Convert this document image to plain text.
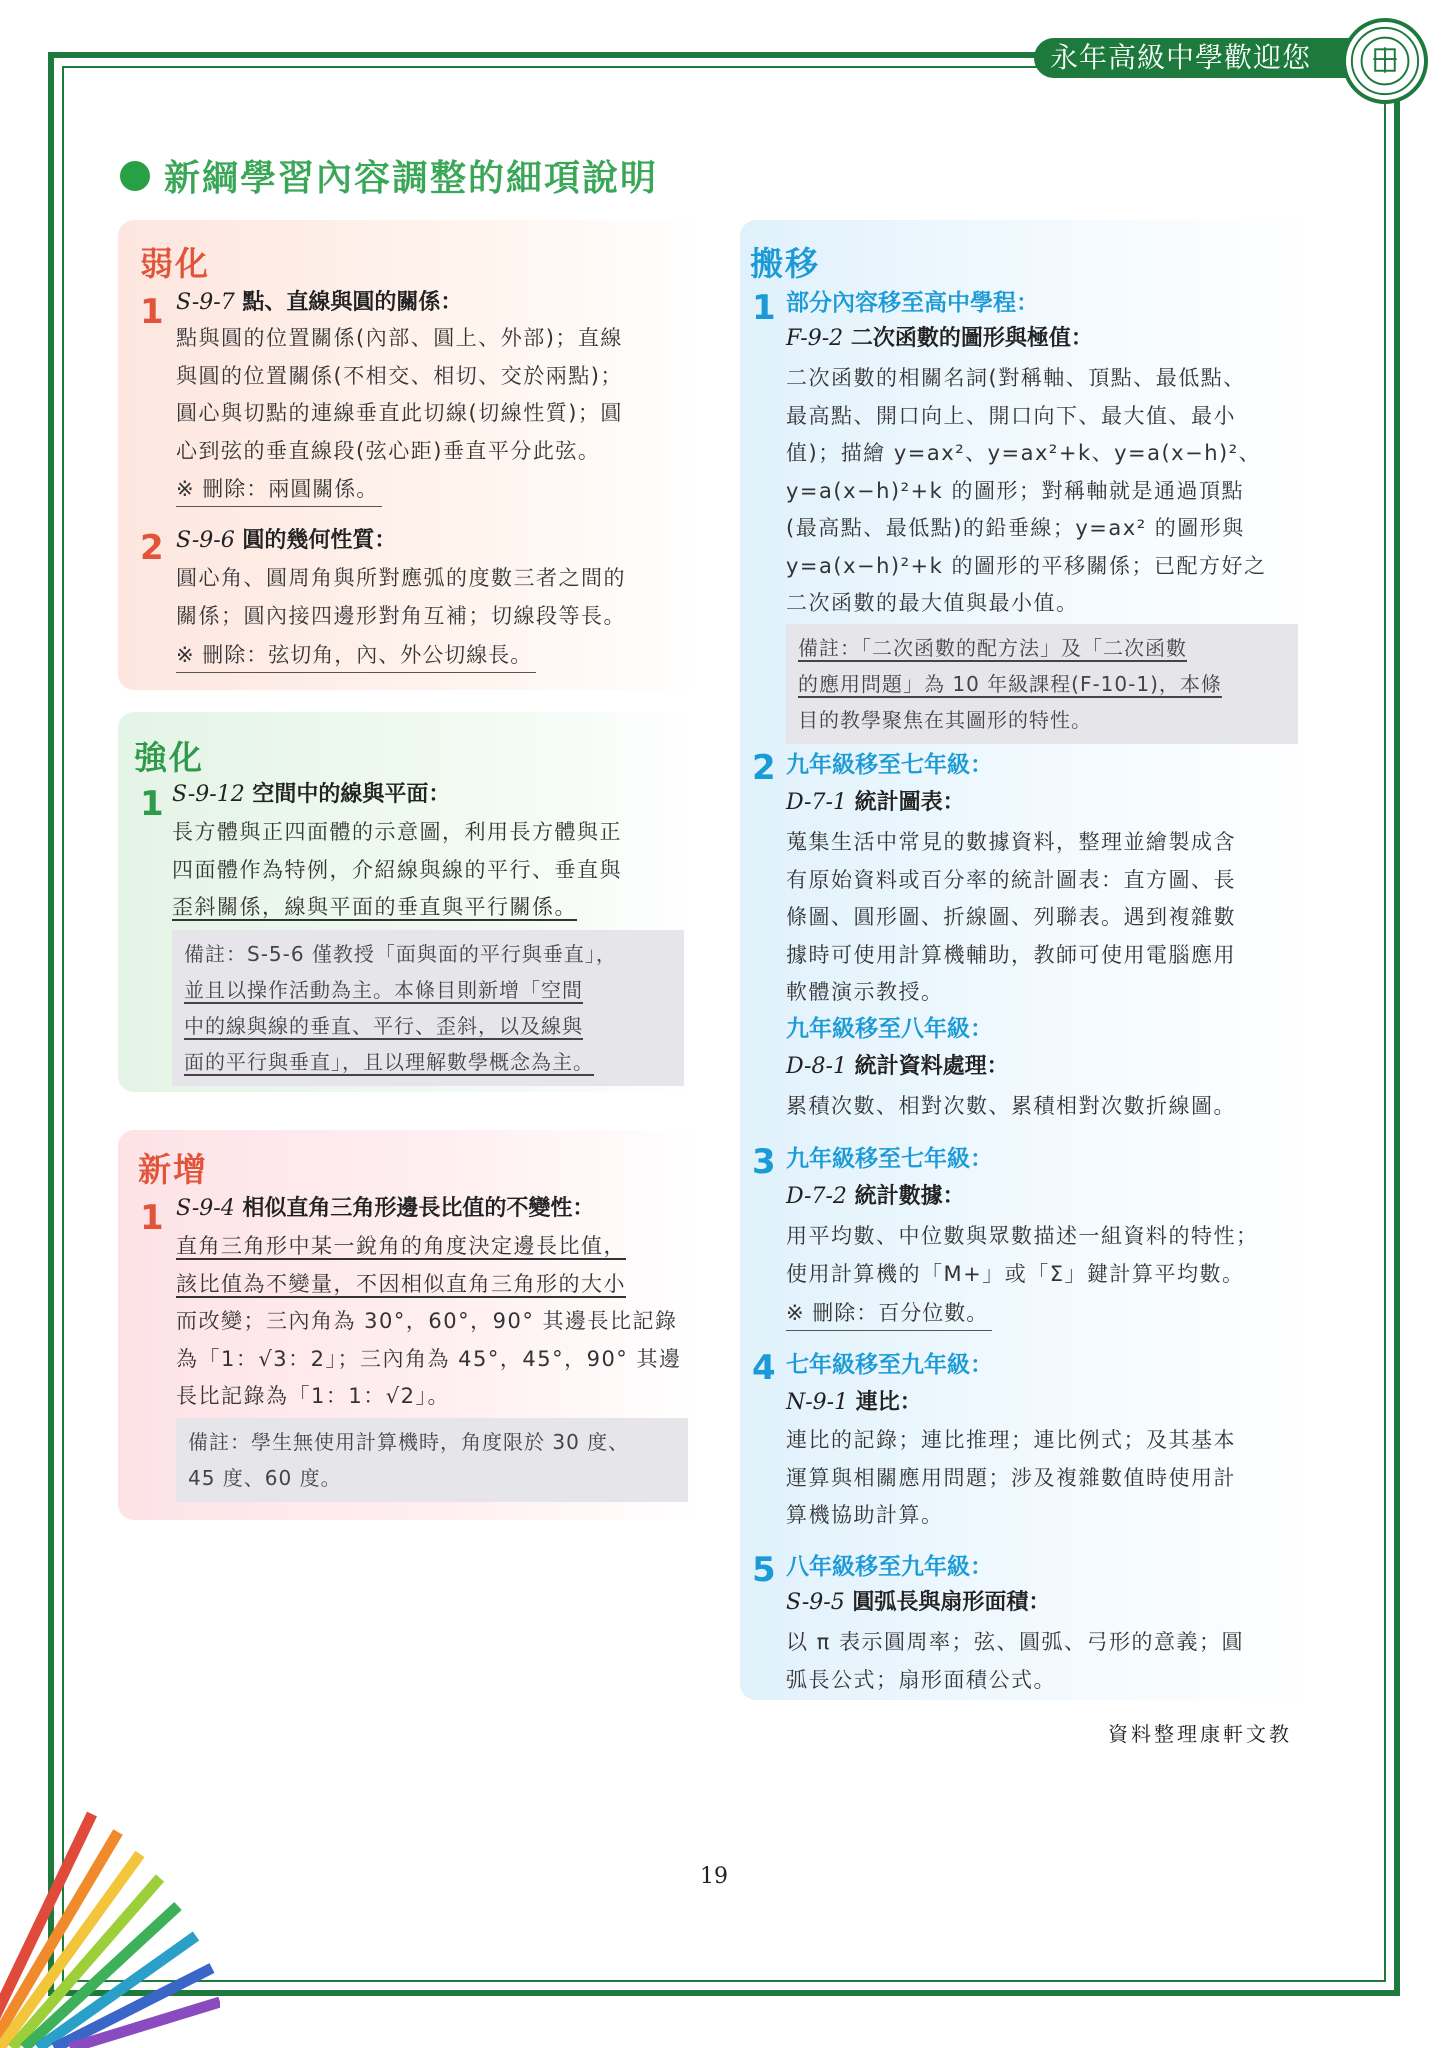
永年高級中學歡迎您
新綱學習內容調整的細項說明
弱化
1 S-9-7 點、直線與圓的關係：
點與圓的位置關係(內部、圓上、外部)；直線
與圓的位置關係(不相交、相切、交於兩點)；
圓心與切點的連線垂直此切線(切線性質)；圓
心到弦的垂直線段(弦心距)垂直平分此弦。
※ 刪除：兩圓關係。
2 S-9-6 圓的幾何性質：
圓心角、圓周角與所對應弧的度數三者之間的
關係；圓內接四邊形對角互補；切線段等長。
※ 刪除：弦切角，內、外公切線長。
強化
1 S-9-12 空間中的線與平面：
長方體與正四面體的示意圖，利用長方體與正
四面體作為特例，介紹線與線的平行、垂直與
歪斜關係，線與平面的垂直與平行關係。
備註：S-5-6 僅教授「面與面的平行與垂直」，
並且以操作活動為主。本條目則新增「空間
中的線與線的垂直、平行、歪斜，以及線與
面的平行與垂直」，且以理解數學概念為主。
新增
1 S-9-4 相似直角三角形邊長比值的不變性：
直角三角形中某一銳角的角度決定邊長比值，
該比值為不變量，不因相似直角三角形的大小
而改變；三內角為 30°，60°，90° 其邊長比記錄
為「1：√3：2」；三內角為 45°，45°，90° 其邊
長比記錄為「1：1：√2」。
備註：學生無使用計算機時，角度限於 30 度、
45 度、60 度。
搬移
1 部分內容移至高中學程：
F-9-2 二次函數的圖形與極值：
二次函數的相關名詞(對稱軸、頂點、最低點、
最高點、開口向上、開口向下、最大值、最小
值)；描繪 y=ax²、y=ax²+k、y=a(x−h)²、
y=a(x−h)²+k 的圖形；對稱軸就是通過頂點
(最高點、最低點)的鉛垂線；y=ax² 的圖形與
y=a(x−h)²+k 的圖形的平移關係；已配方好之
二次函數的最大值與最小值。
備註：「二次函數的配方法」及「二次函數
的應用問題」為 10 年級課程(F-10-1)，本條
目的教學聚焦在其圖形的特性。
2 九年級移至七年級：
D-7-1 統計圖表：
蒐集生活中常見的數據資料，整理並繪製成含
有原始資料或百分率的統計圖表：直方圖、長
條圖、圓形圖、折線圖、列聯表。遇到複雜數
據時可使用計算機輔助，教師可使用電腦應用
軟體演示教授。
九年級移至八年級：
D-8-1 統計資料處理：
累積次數、相對次數、累積相對次數折線圖。
3 九年級移至七年級：
D-7-2 統計數據：
用平均數、中位數與眾數描述一組資料的特性；
使用計算機的「M+」或「Σ」鍵計算平均數。
※ 刪除：百分位數。
4 七年級移至九年級：
N-9-1 連比：
連比的記錄；連比推理；連比例式；及其基本
運算與相關應用問題；涉及複雜數值時使用計
算機協助計算。
5 八年級移至九年級：
S-9-5 圓弧長與扇形面積：
以 π 表示圓周率；弦、圓弧、弓形的意義；圓
弧長公式；扇形面積公式。
資料整理康軒文教
19
